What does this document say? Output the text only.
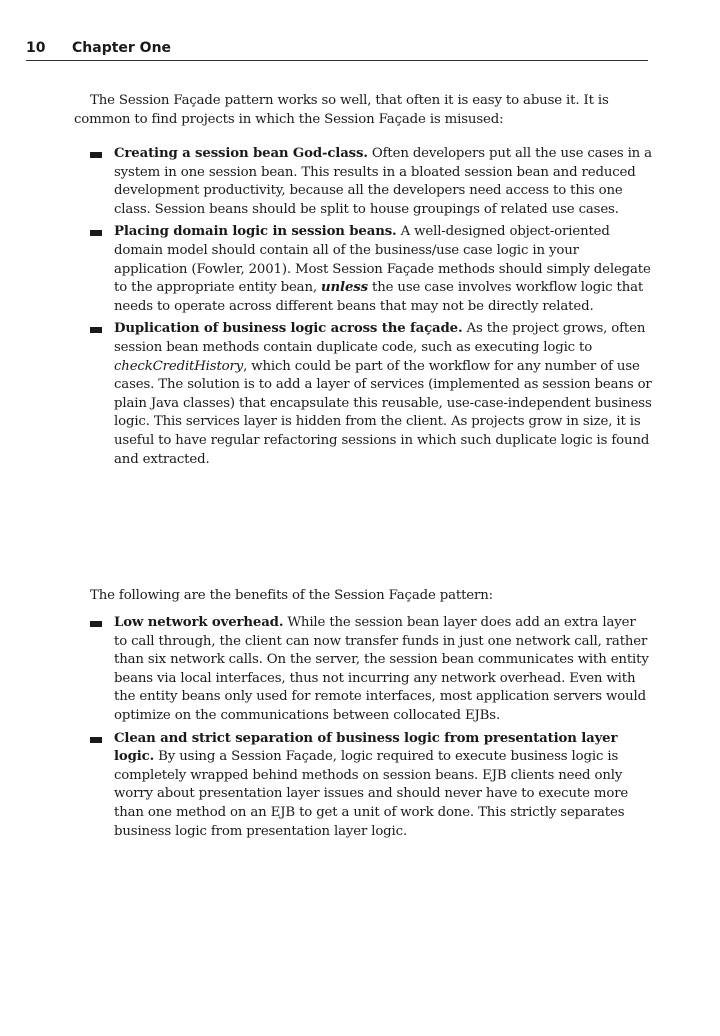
10 Chapter One

The Session Façade pattern works so well, that often it is easy to abuse it. It is common to find projects in which the Session Façade is misused:

Creating a session bean God-class. Often developers put all the use cases in a system in one session bean. This results in a bloated session bean and reduced development productivity, because all the developers need access to this one class. Session beans should be split to house groupings of related use cases.
Placing domain logic in session beans. A well-designed object-oriented domain model should contain all of the business/use case logic in your application (Fowler, 2001). Most Session Façade methods should simply delegate to the appropriate entity bean, unless the use case involves workflow logic that needs to operate across different beans that may not be directly related.
Duplication of business logic across the façade. As the project grows, often session bean methods contain duplicate code, such as executing logic to checkCreditHistory, which could be part of the workflow for any number of use cases. The solution is to add a layer of services (implemented as session beans or plain Java classes) that encapsulate this reusable, use-case-independent business logic. This services layer is hidden from the client. As projects grow in size, it is useful to have regular refactoring sessions in which such duplicate logic is found and extracted.

The following are the benefits of the Session Façade pattern:

Low network overhead. While the session bean layer does add an extra layer to call through, the client can now transfer funds in just one network call, rather than six network calls. On the server, the session bean communicates with entity beans via local interfaces, thus not incurring any network overhead. Even with the entity beans only used for remote interfaces, most application servers would optimize on the communications between collocated EJBs.
Clean and strict separation of business logic from presentation layer logic. By using a Session Façade, logic required to execute business logic is completely wrapped behind methods on session beans. EJB clients need only worry about presentation layer issues and should never have to execute more than one method on an EJB to get a unit of work done. This strictly separates business logic from presentation layer logic.
